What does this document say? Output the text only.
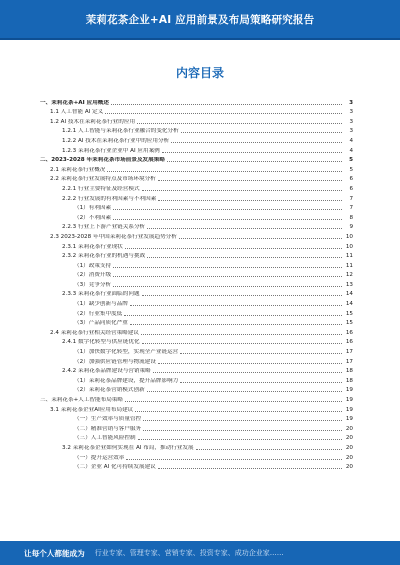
茉莉花茶企业+AI 应用前景及布局策略研究报告
内容目录
一、茉莉花茶+AI 应用概述	3
1.1 人工智能 AI 定义	3
1.2 AI 技术在茉莉花茶行业的应用	3
1.2.1 人工智能与茉莉花茶行业融合的变化分析	3
1.2.2 AI 技术在茉莉花茶行业中的应用分析	4
1.2.3 茉莉花茶行业企业中 AI 应用案例	4
二、2023-2028 年茉莉花茶市场前景及发展策略	5
2.1 茉莉花茶行业概况	5
2.2 茉莉花茶行业发展特点及市场环境分析	6
2.2.1 行业主要特征及经营模式	6
2.2.2 行业发展的有利因素与不利因素	7
（1）有利因素	7
（2）不利因素	8
2.2.3 行业上下游产业链关系分析	9
2.3 2023-2028 年中国茉莉花茶行业发展趋势分析	10
2.3.1 茉莉花茶行业现状	10
2.3.2 茉莉花茶行业的机遇与挑战	11
（1）政策支持	11
（2）消费升级	12
（3）竞争分析	13
2.3.3 茉莉花茶行业面临的问题	14
（1）缺少创新与品牌	14
（2）行业集中度低	15
（3）产品同质化严重	15
2.4 茉莉花茶行业相关经营策略建议	16
2.4.1 数字化转型与供应链优化	16
（1）加快数字化转型，实现全产业链运营	17
（2）加强供应链管理与物流建设	17
2.4.2 茉莉花茶品牌建设与营销策略	18
（1）茉莉花茶品牌建设，提升品牌影响力	18
（2）茉莉花茶营销模式创新	19
三、茉莉花茶+人工智能布局策略	19
3.1 茉莉花茶企业AI应用布局建议	19
（一）生产效率与质量管控	19
（二）精准营销与客户服务	20
（三）人工智能风险控制	20
3.2 茉莉花茶企业如何实现在 AI 布局，推动行业发展	20
（一）提升运营效率	20
（二）企业 AI 化可持续发展建议	20
让每个人都能成为 行业专家、管理专家、营销专家、投资专家、成功企业家……
